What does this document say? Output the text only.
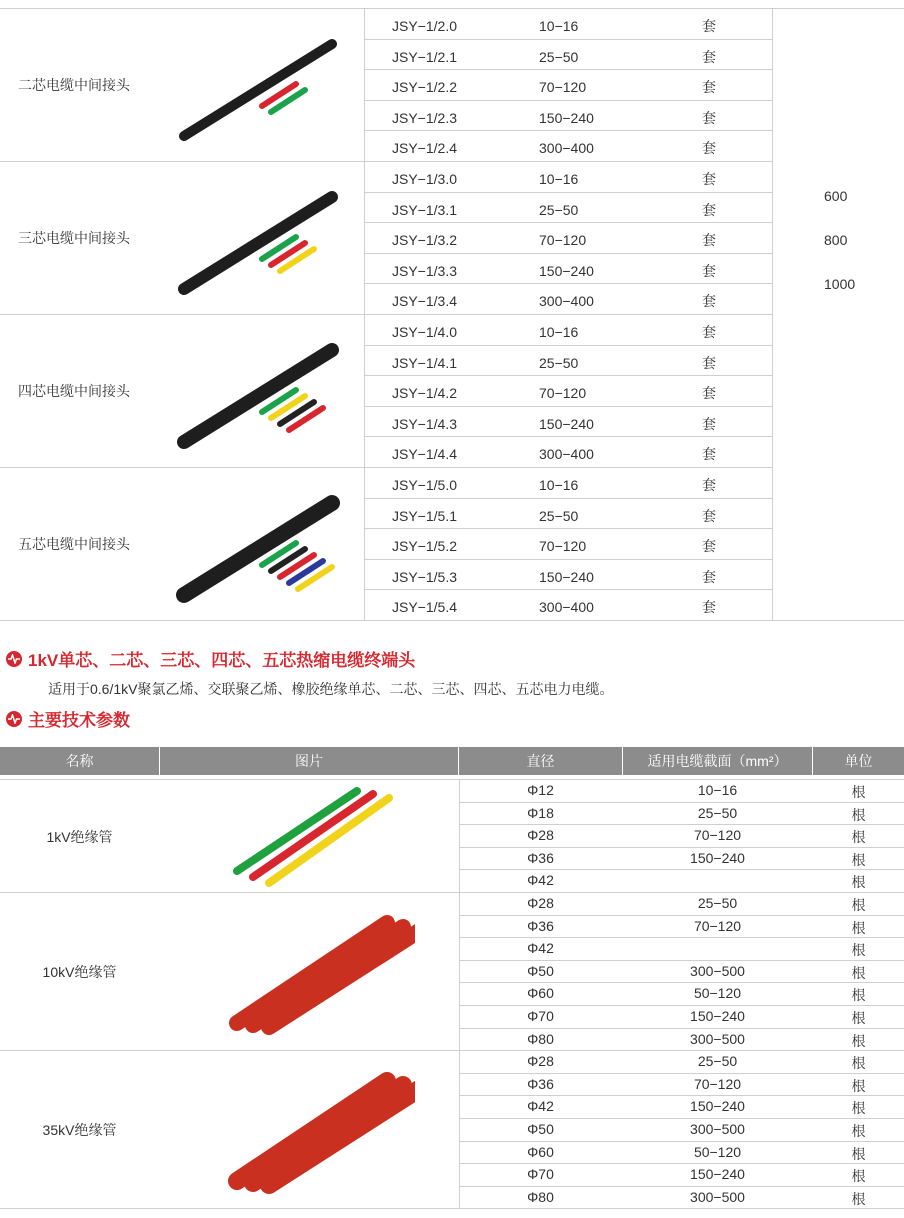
二芯电缆中间接头
JSY−1/2.0	10−16	套
JSY−1/2.1	25−50	套
JSY−1/2.2	70−120	套
JSY−1/2.3	150−240	套
JSY−1/2.4	300−400	套
三芯电缆中间接头
JSY−1/3.0	10−16	套
JSY−1/3.1	25−50	套
JSY−1/3.2	70−120	套
JSY−1/3.3	150−240	套
JSY−1/3.4	300−400	套
四芯电缆中间接头
JSY−1/4.0	10−16	套
JSY−1/4.1	25−50	套
JSY−1/4.2	70−120	套
JSY−1/4.3	150−240	套
JSY−1/4.4	300−400	套
五芯电缆中间接头
JSY−1/5.0	10−16	套
JSY−1/5.1	25−50	套
JSY−1/5.2	70−120	套
JSY−1/5.3	150−240	套
JSY−1/5.4	300−400	套
600
800
1000
1kV单芯、二芯、三芯、四芯、五芯热缩电缆终端头
适用于0.6/1kV聚氯乙烯、交联聚乙烯、橡胶绝缘单芯、二芯、三芯、四芯、五芯电力电缆。
主要技术参数
名称	图片	直径	适用电缆截面（mm²）	单位
1kV绝缘管
Φ12	10−16	根
Φ18	25−50	根
Φ28	70−120	根
Φ36	150−240	根
Φ42	根
10kV绝缘管
Φ28	25−50	根
Φ36	70−120	根
Φ42	根
Φ50	300−500	根
Φ60	50−120	根
Φ70	150−240	根
Φ80	300−500	根
35kV绝缘管
Φ28	25−50	根
Φ36	70−120	根
Φ42	150−240	根
Φ50	300−500	根
Φ60	50−120	根
Φ70	150−240	根
Φ80	300−500	根
